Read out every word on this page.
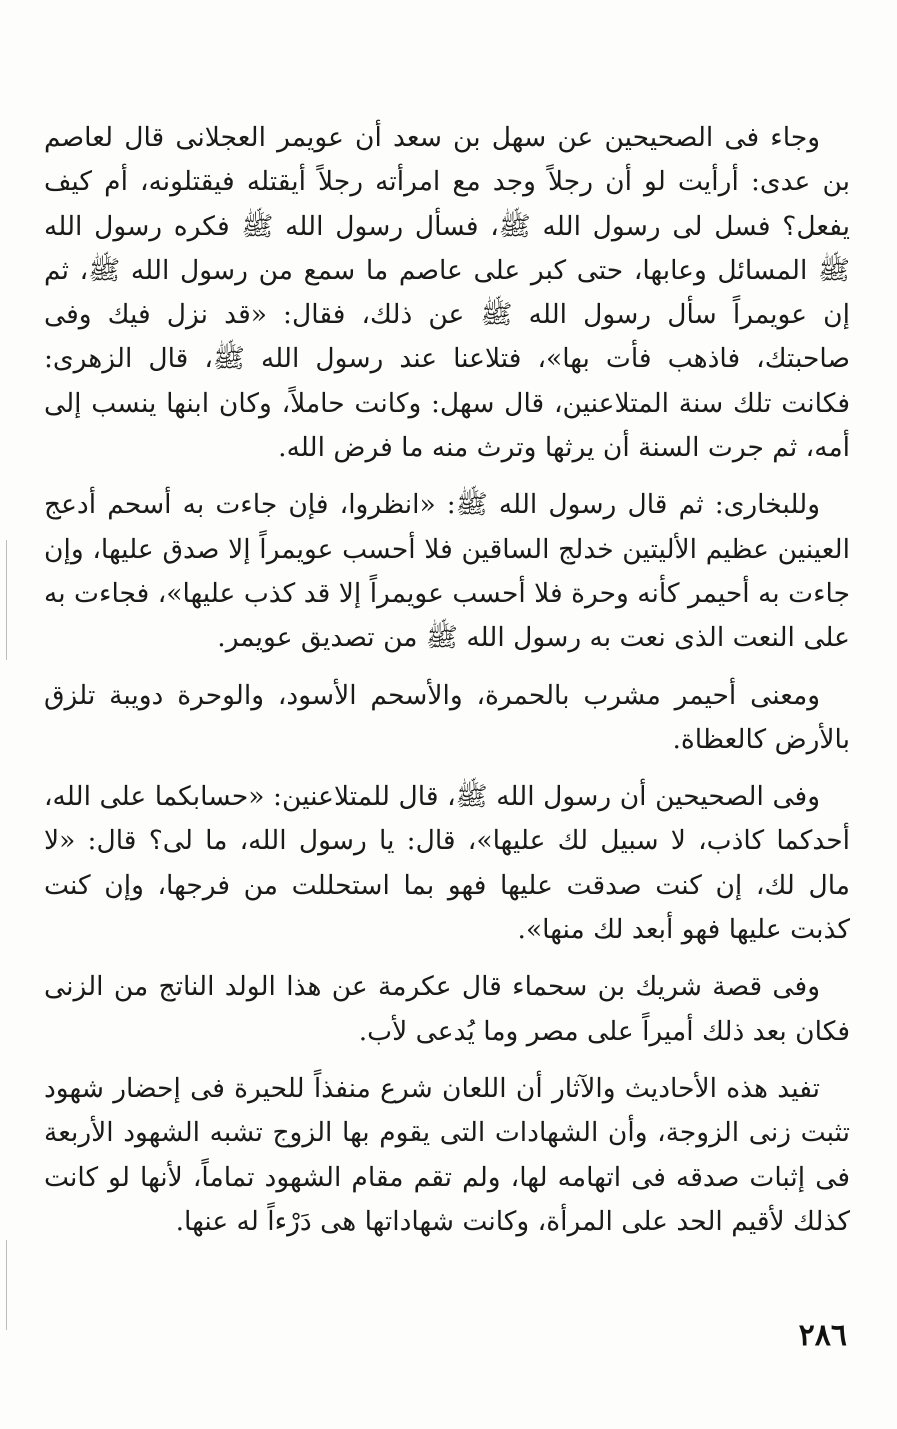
وجاء فى الصحيحين عن سهل بن سعد أن عويمر العجلانى قال لعاصم بن عدى: أرأيت لو أن رجلاً وجد مع امرأته رجلاً أيقتله فيقتلونه، أم كيف يفعل؟ فسل لى رسول الله ﷺ، فسأل رسول الله ﷺ فكره رسول الله ﷺ المسائل وعابها، حتى كبر على عاصم ما سمع من رسول الله ﷺ، ثم إن عويمراً سأل رسول الله ﷺ عن ذلك، فقال: «قد نزل فيك وفى صاحبتك، فاذهب فأت بها»، فتلاعنا عند رسول الله ﷺ، قال الزهرى: فكانت تلك سنة المتلاعنين، قال سهل: وكانت حاملاً، وكان ابنها ينسب إلى أمه، ثم جرت السنة أن يرثها وترث منه ما فرض الله.

وللبخارى: ثم قال رسول الله ﷺ: «انظروا، فإن جاءت به أسحم أدعج العينين عظيم الأليتين خدلج الساقين فلا أحسب عويمراً إلا صدق عليها، وإن جاءت به أحيمر كأنه وحرة فلا أحسب عويمراً إلا قد كذب عليها»، فجاءت به على النعت الذى نعت به رسول الله ﷺ من تصديق عويمر.

ومعنى أحيمر مشرب بالحمرة، والأسحم الأسود، والوحرة دويبة تلزق بالأرض كالعظاة.

وفى الصحيحين أن رسول الله ﷺ، قال للمتلاعنين: «حسابكما على الله، أحدكما كاذب، لا سبيل لك عليها»، قال: يا رسول الله، ما لى؟ قال: «لا مال لك، إن كنت صدقت عليها فهو بما استحللت من فرجها، وإن كنت كذبت عليها فهو أبعد لك منها».

وفى قصة شريك بن سحماء قال عكرمة عن هذا الولد الناتج من الزنى فكان بعد ذلك أميراً على مصر وما يُدعى لأب.

تفيد هذه الأحاديث والآثار أن اللعان شرع منفذاً للحيرة فى إحضار شهود تثبت زنى الزوجة، وأن الشهادات التى يقوم بها الزوج تشبه الشهود الأربعة فى إثبات صدقه فى اتهامه لها، ولم تقم مقام الشهود تماماً، لأنها لو كانت كذلك لأقيم الحد على المرأة، وكانت شهاداتها هى دَرْءاً له عنها.

٢٨٦
